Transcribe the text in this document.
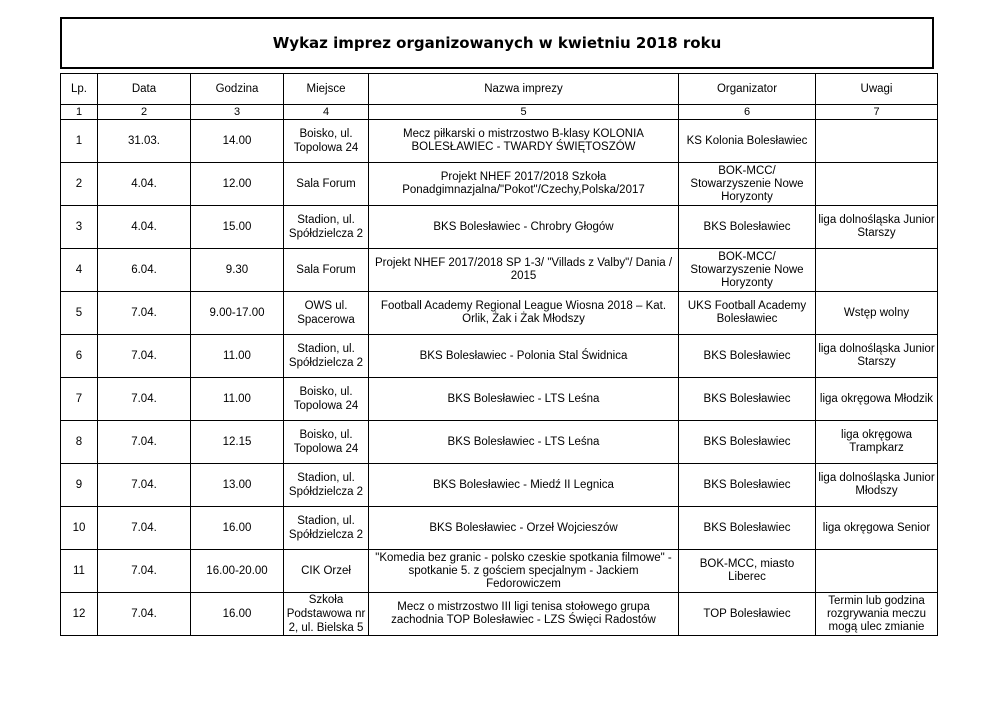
Wykaz imprez organizowanych w kwietniu 2018 roku
Lp.	Data	Godzina	Miejsce	Nazwa imprezy	Organizator	Uwagi
1	2	3	4	5	6	7
1	31.03.	14.00	Boisko, ul. Topolowa 24	Mecz piłkarski o mistrzostwo B-klasy KOLONIA BOLESŁAWIEC - TWARDY ŚWIĘTOSZÓW	KS Kolonia Bolesławiec	
2	4.04.	12.00	Sala Forum	Projekt NHEF 2017/2018 Szkoła Ponadgimnazjalna/"Pokot"/Czechy,Polska/2017	BOK-MCC/ Stowarzyszenie Nowe Horyzonty	
3	4.04.	15.00	Stadion, ul. Spółdzielcza 2	BKS Bolesławiec - Chrobry Głogów	BKS Bolesławiec	liga dolnośląska Junior Starszy
4	6.04.	9.30	Sala Forum	Projekt NHEF 2017/2018 SP 1-3/ "Villads z Valby"/ Dania / 2015	BOK-MCC/ Stowarzyszenie Nowe Horyzonty	
5	7.04.	9.00-17.00	OWS ul. Spacerowa	Football Academy Regional League Wiosna 2018 – Kat. Orlik, Żak i Żak Młodszy	UKS Football Academy Bolesławiec	Wstęp wolny
6	7.04.	11.00	Stadion, ul. Spółdzielcza 2	BKS Bolesławiec - Polonia Stal Świdnica	BKS Bolesławiec	liga dolnośląska Junior Starszy
7	7.04.	11.00	Boisko, ul. Topolowa 24	BKS Bolesławiec - LTS Leśna	BKS Bolesławiec	liga okręgowa Młodzik
8	7.04.	12.15	Boisko, ul. Topolowa 24	BKS Bolesławiec - LTS Leśna	BKS Bolesławiec	liga okręgowa Trampkarz
9	7.04.	13.00	Stadion, ul. Spółdzielcza 2	BKS Bolesławiec - Miedź II Legnica	BKS Bolesławiec	liga dolnośląska Junior Młodszy
10	7.04.	16.00	Stadion, ul. Spółdzielcza 2	BKS Bolesławiec - Orzeł Wojcieszów	BKS Bolesławiec	liga okręgowa Senior
11	7.04.	16.00-20.00	CIK Orzeł	"Komedia bez granic - polsko czeskie spotkania filmowe" - spotkanie 5. z gościem specjalnym - Jackiem Fedorowiczem	BOK-MCC, miasto Liberec	
12	7.04.	16.00	Szkoła Podstawowa nr 2, ul. Bielska 5	Mecz o mistrzostwo III ligi tenisa stołowego grupa zachodnia TOP Bolesławiec - LZS Święci Radostów	TOP Bolesławiec	Termin lub godzina rozgrywania meczu mogą ulec zmianie
